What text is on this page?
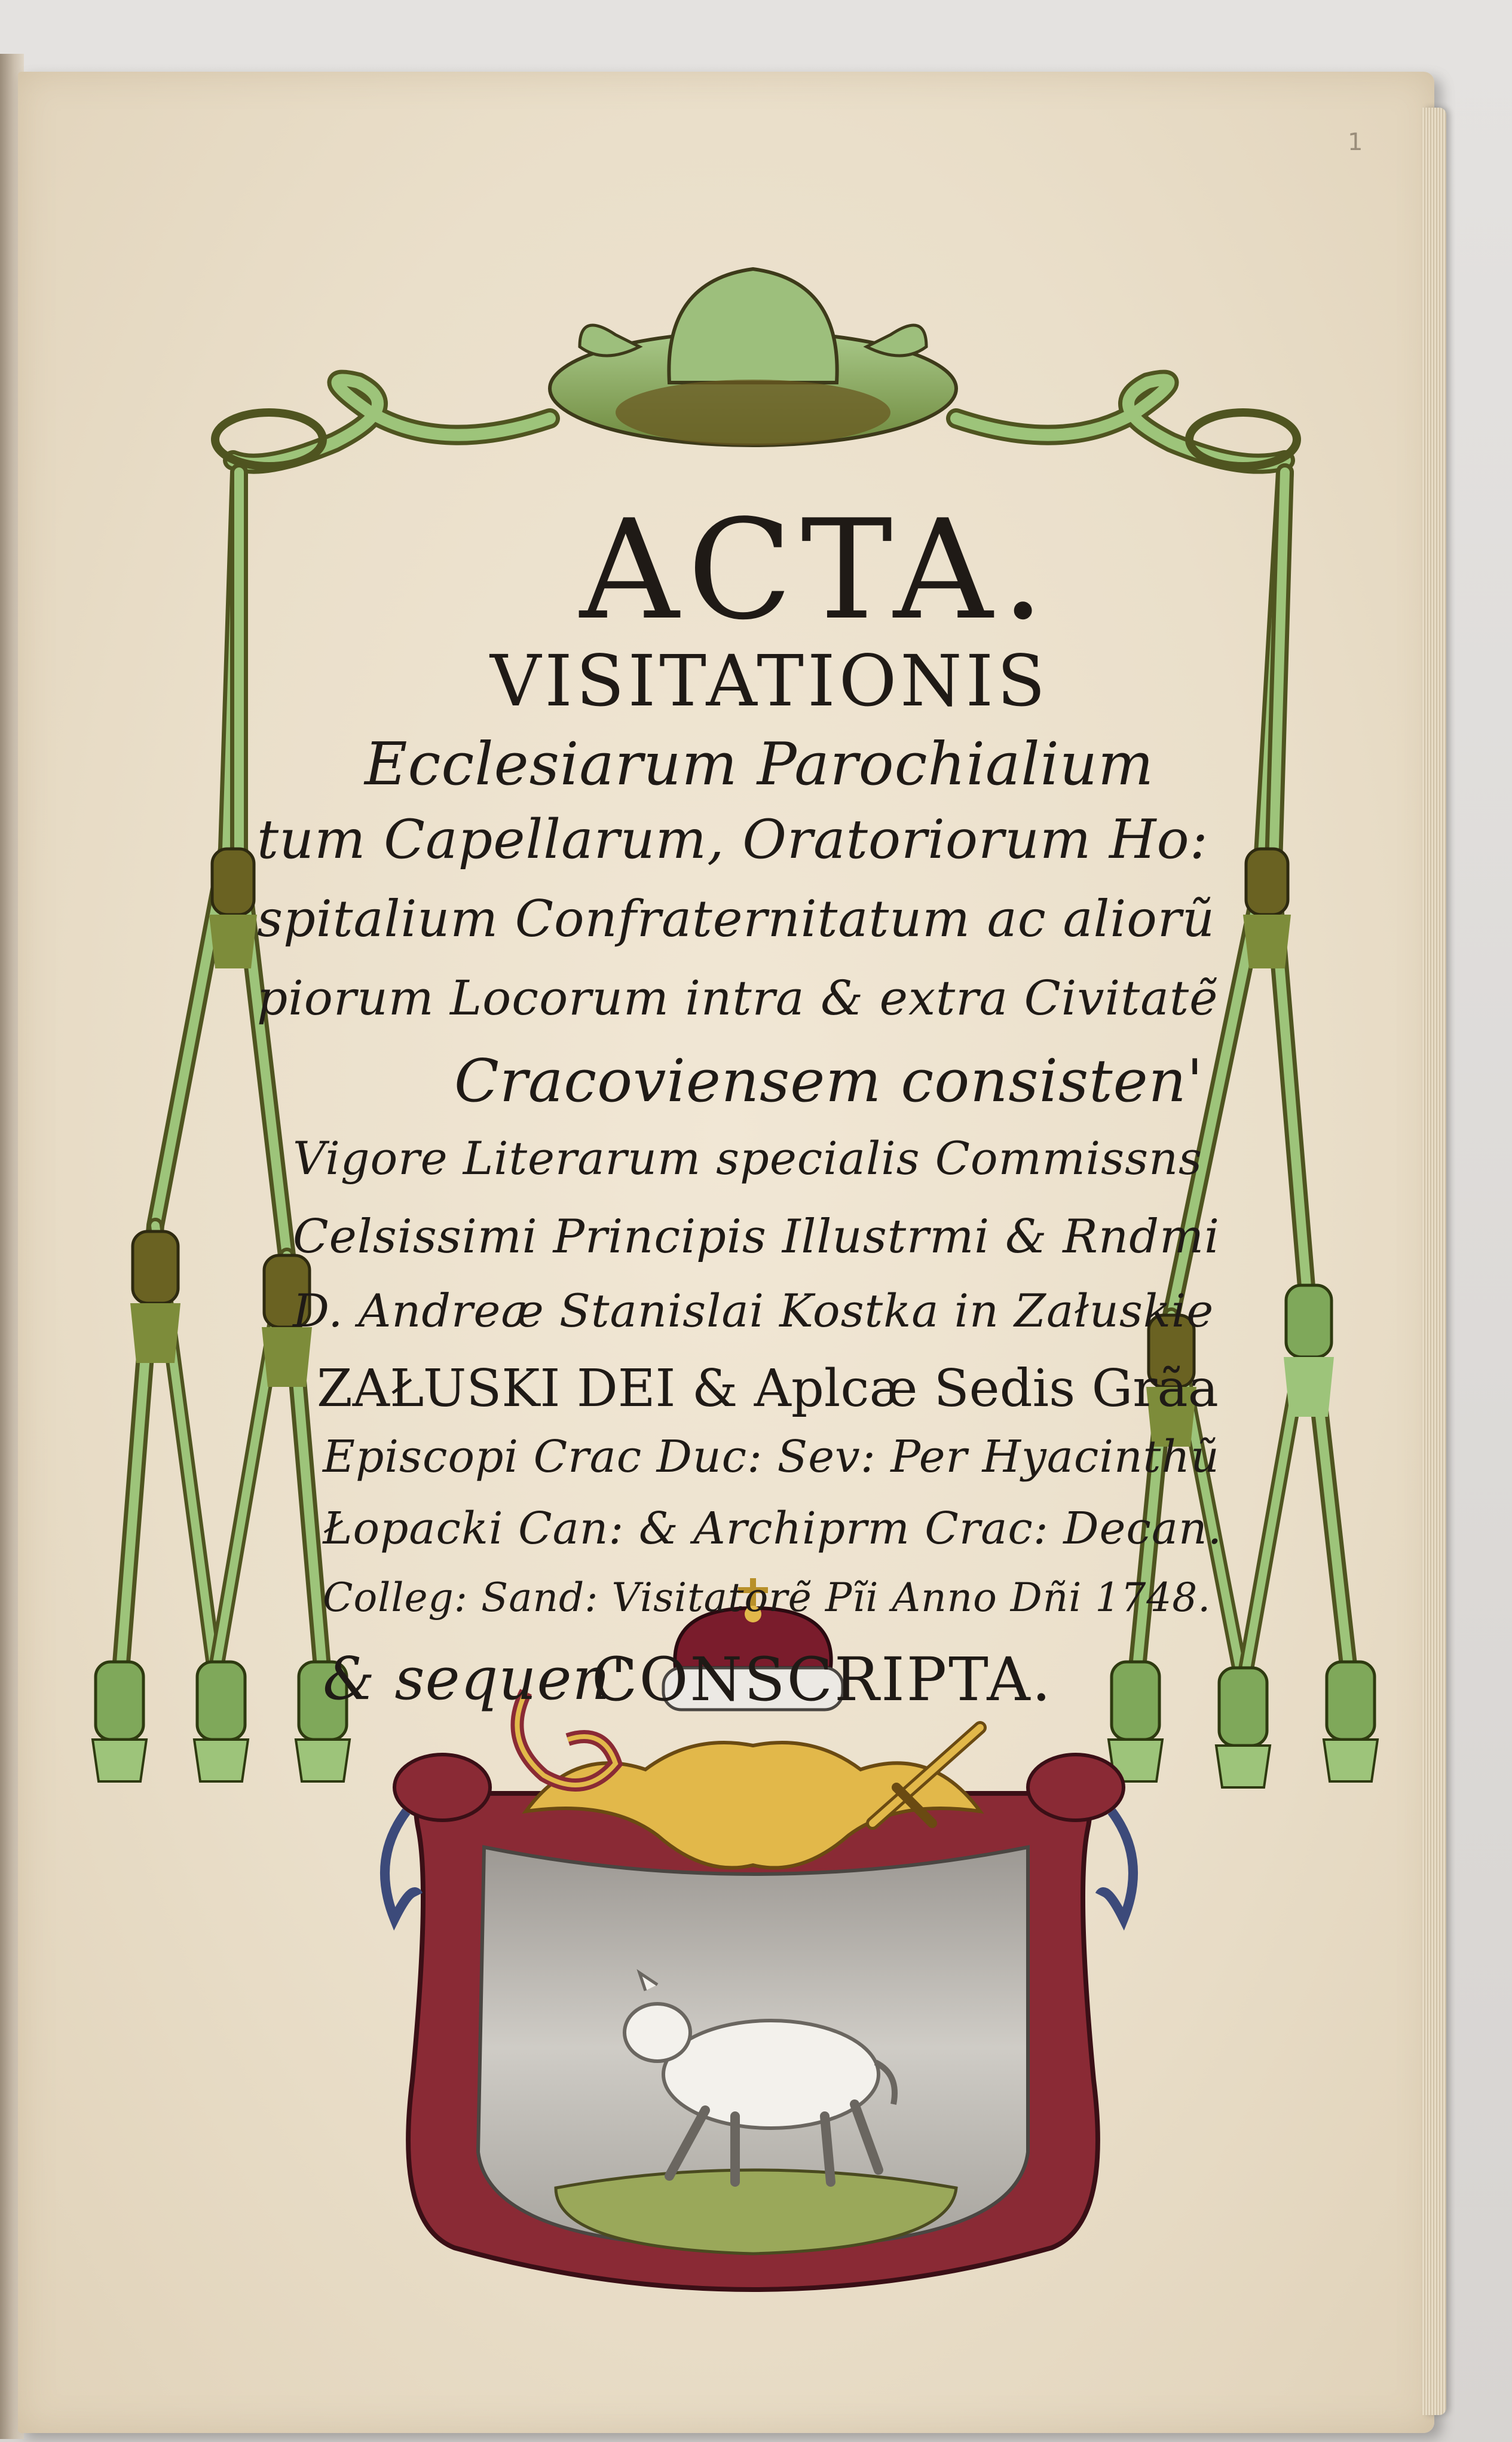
1
ACTA.
VISITATIONIS
Ecclesiarum Parochialium
tum Capellarum, Oratoriorum Ho:
spitalium Confraternitatum ac aliorũ
piorum Locorum intra & extra Civitatẽ
Cracoviensem consisten'
Vigore Literarum specialis Commissns
Celsissimi Principis Illustrmi & Rndmi
D. Andreæ Stanislai Kostka in Załuskie
ZAŁUSKI DEI & Aplcæ Sedis Grãa
Episcopi Crac Duc: Sev: Per Hyacinthũ
Łopacki Can: & Archiprm Crac: Decan.
Colleg: Sand: Visitatorẽ Pĩi Anno Dñi 1748.
& sequen'
CONSCRIPTA.
